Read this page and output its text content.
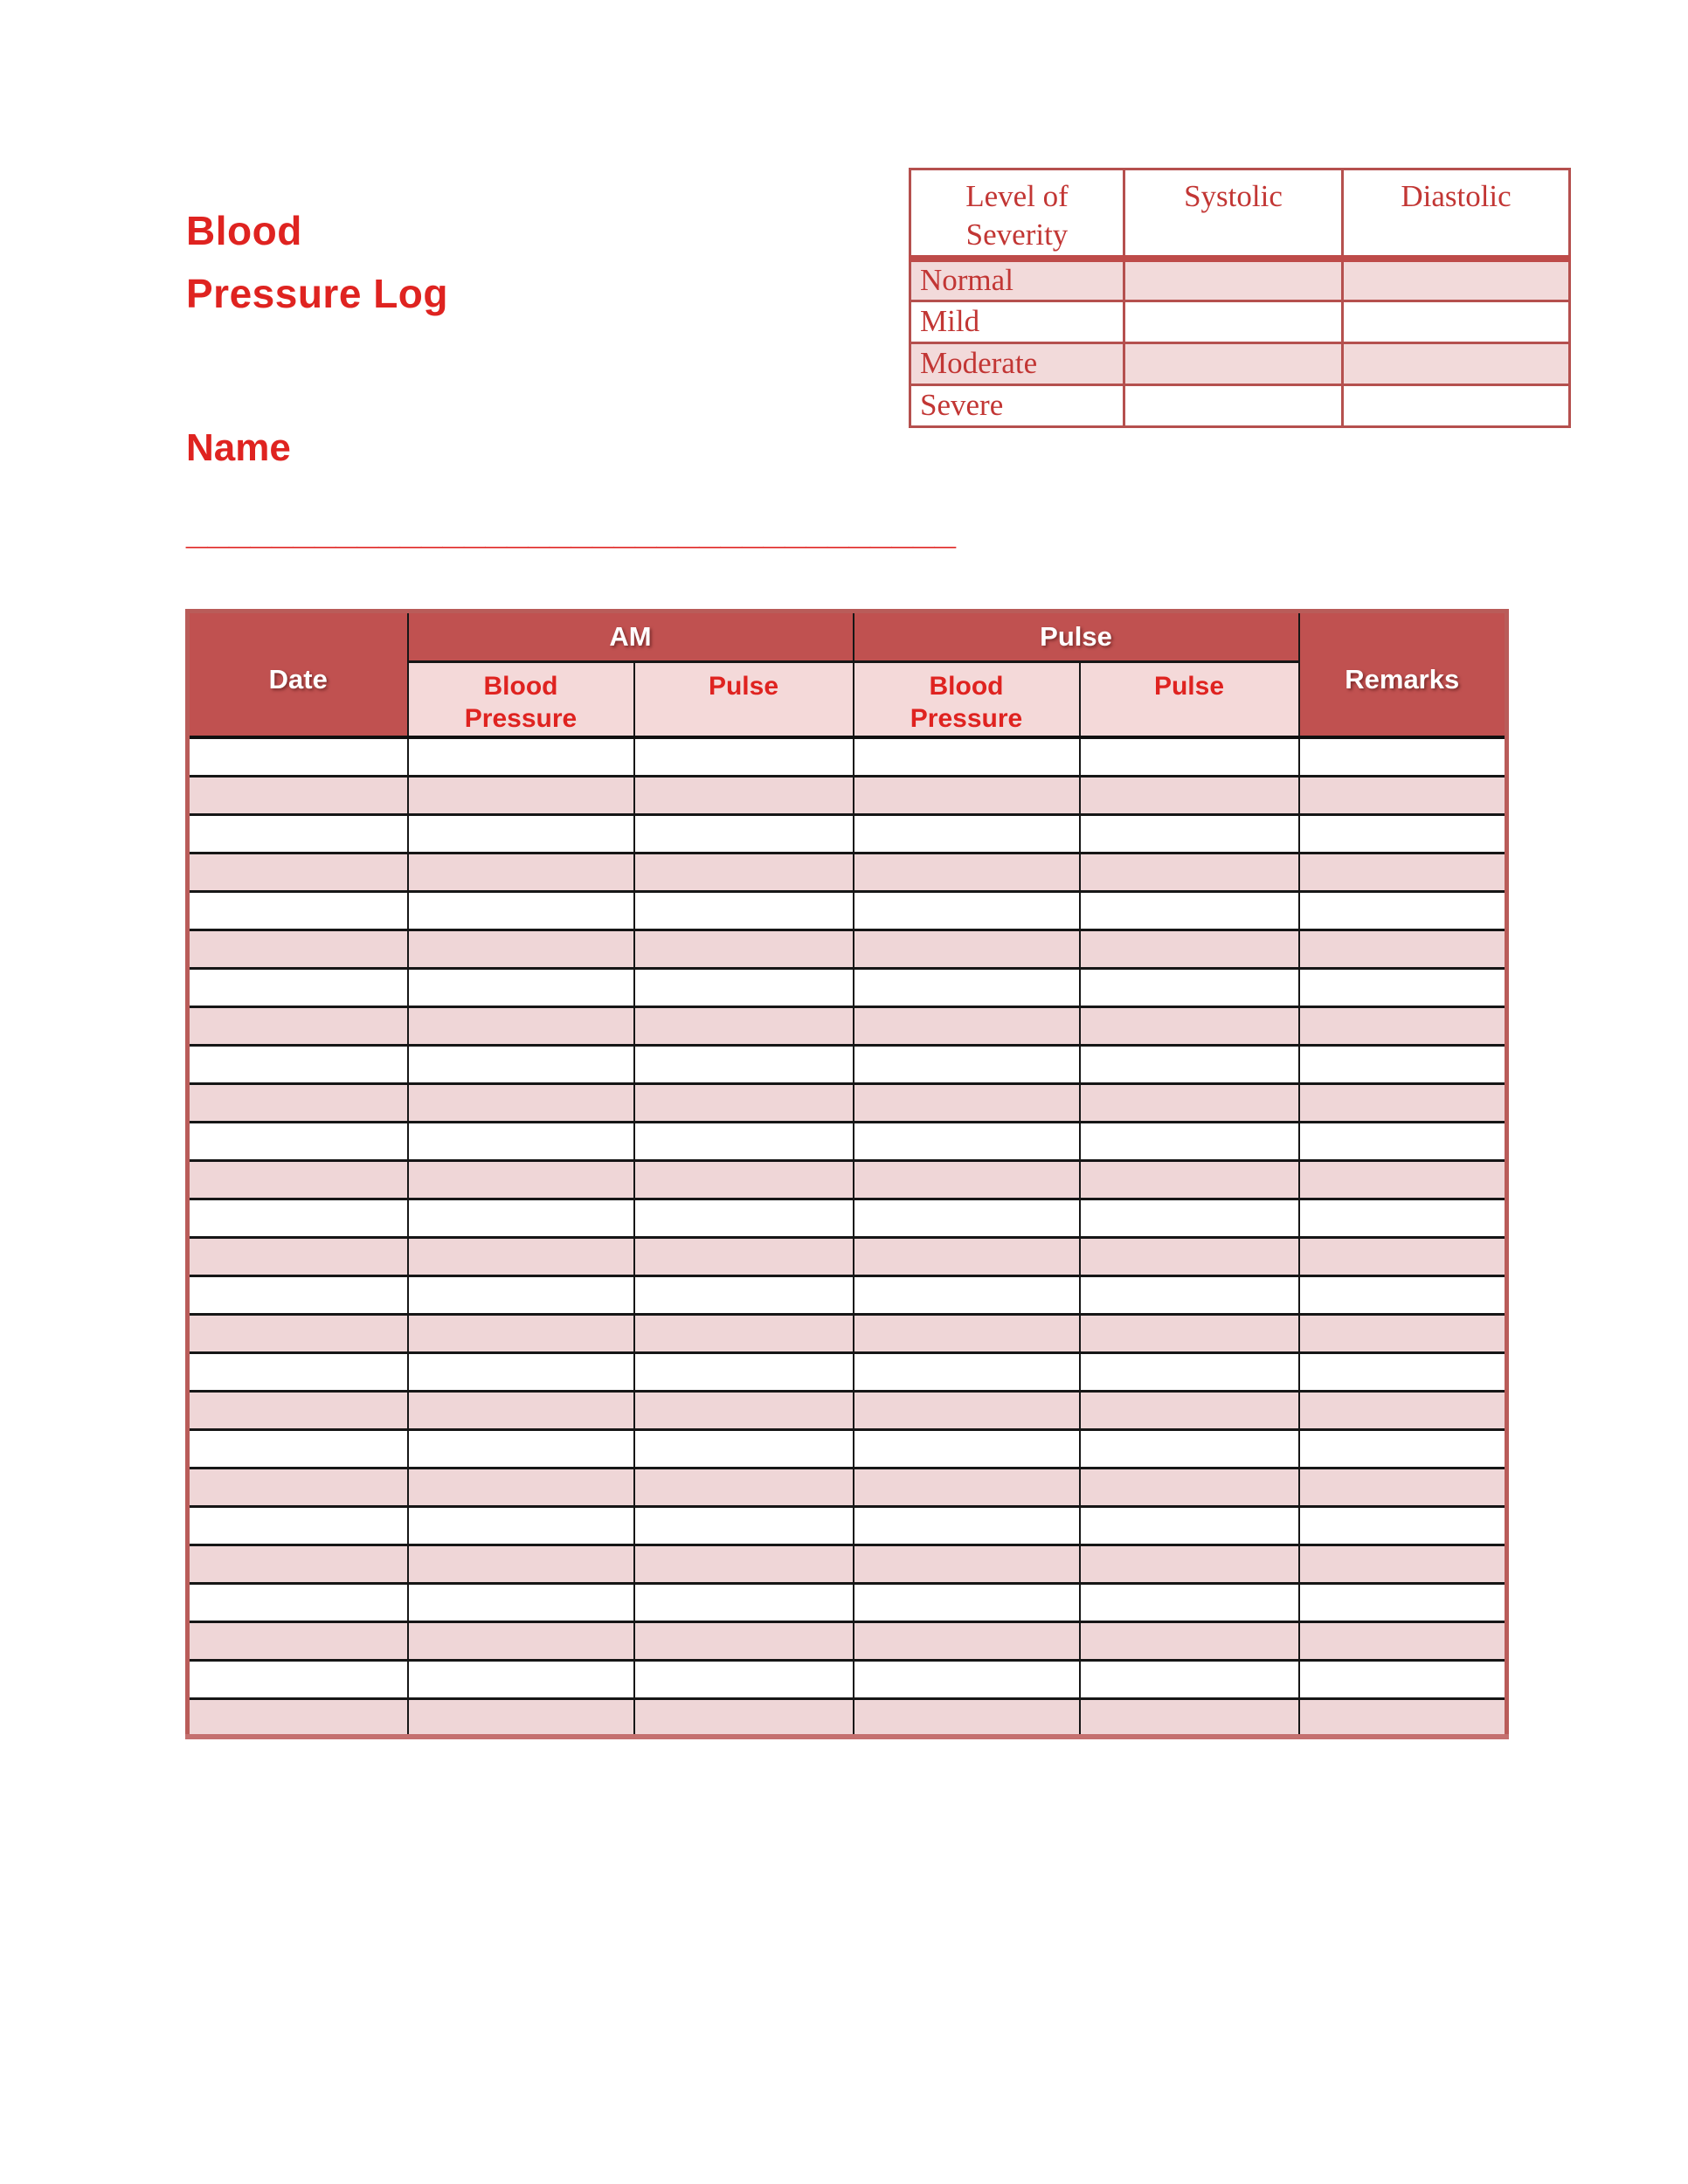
Blood
Pressure Log
Level of Severity	Systolic	Diastolic
Normal		
Mild		
Moderate		
Severe		
Name
____________________________________
Date	AM		Pulse		Remarks
	Blood Pressure	Pulse	Blood Pressure	Pulse	
